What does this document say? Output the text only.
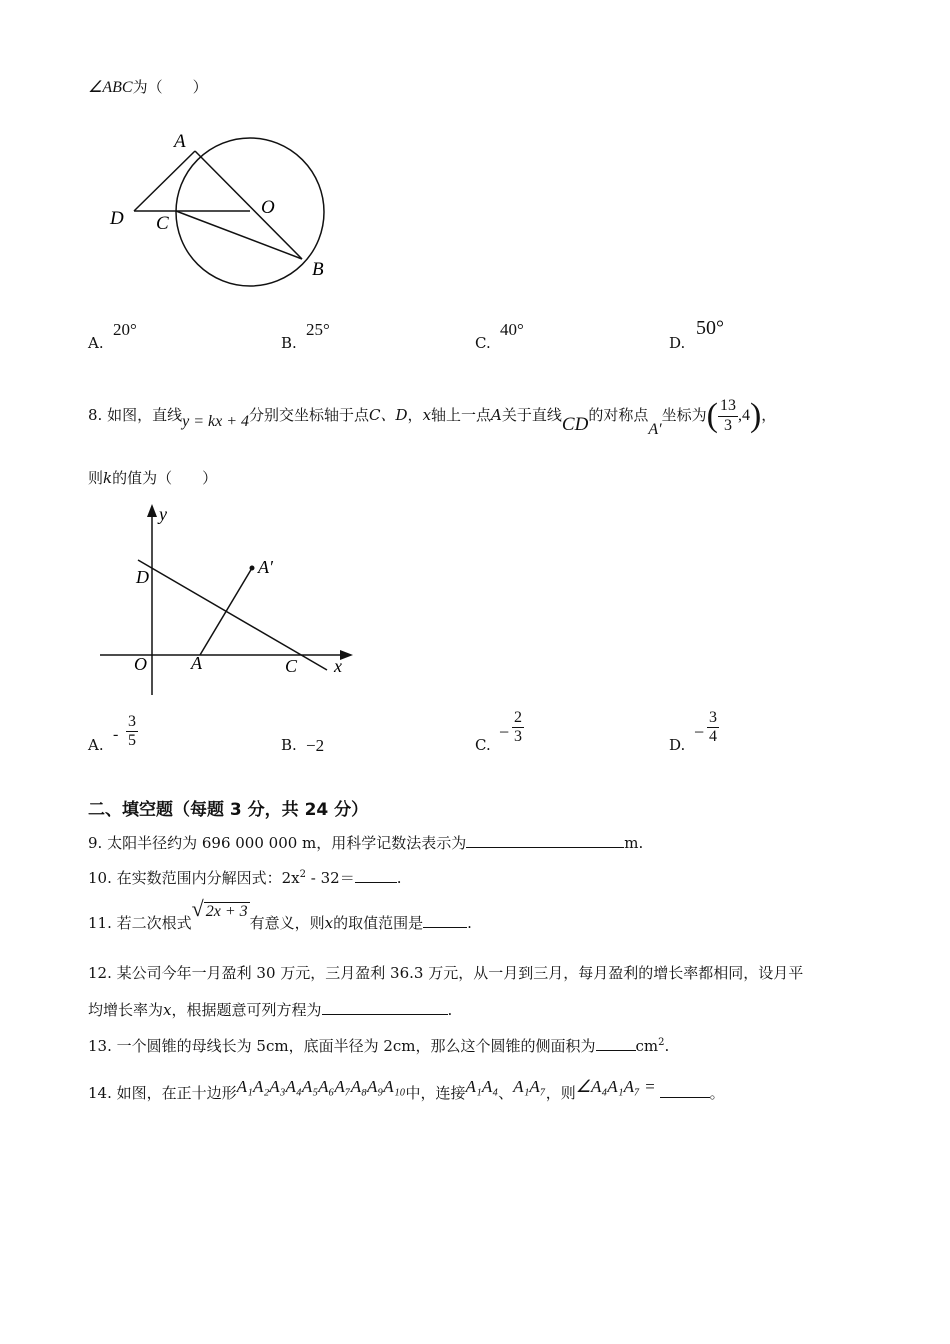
∠ABC为（　　）
A
D C
O
B
A.
20°
B.
25°
C.
40°
D.
50°
8. 如图，直线y = kx + 4分别交坐标轴于点C、D，x轴上一点A关于直线CD的对称点A′坐标为( $\frac{13}{3} ,4$)，
则k的值为（　　）
y
x
D
O A	C
A′
A.
- $\frac{3}{5}$	B. −2	C.
− $\frac{2}{3}$	D.
− $\frac{3}{4}$
二、填空题（每题 3 分，共 24 分）
9. 太阳半径约为 696 000 000 m，用科学记数法表示为	m.
10. 在实数范围内分解因式：$2x^2 - 32=$	.
11. 若二次根式√ 2x + 3有意义，则x的取值范围是	.
12. 某公司今年一月盈利 30 万元，三月盈利 36.3 万元，从一月到三月，每月盈利的增长率都相同，设月平
均增长率为x，根据题意可列方程为	.
13. 一个圆锥的母线长为 5cm，底面半径为 2cm，那么这个圆锥的侧面积为	$cm^2$.
14. 如图，在正十边形A₁A₂A₃A₄A₅A₆A₇A₈A₉A₁₀中，连接A₁A₄、A₁A₇，则∠A₄A₁A₇ =	。
